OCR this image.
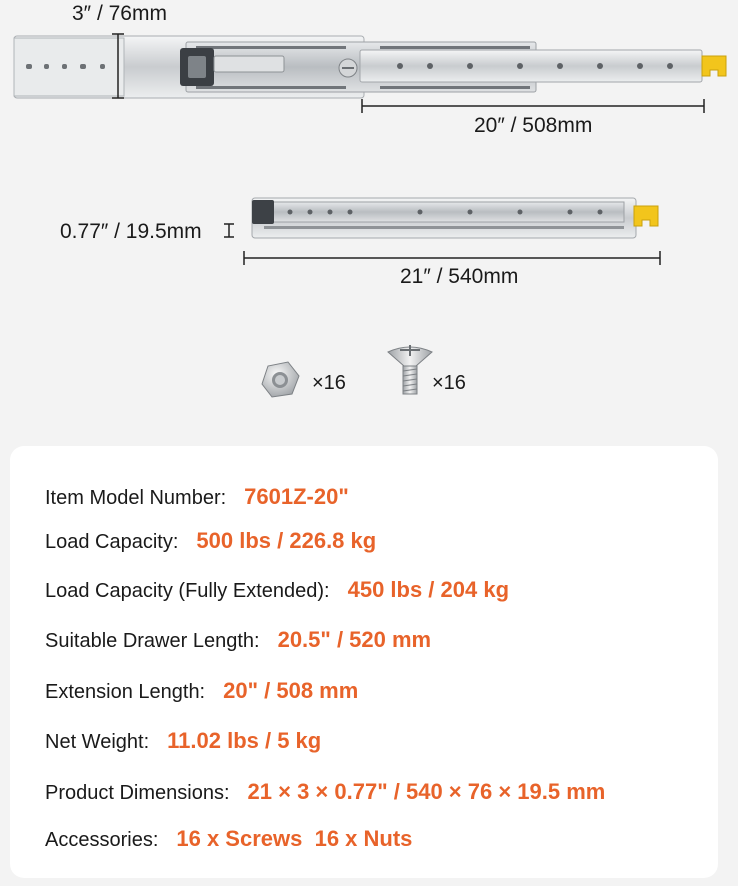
3″ / 76mm
20″ / 508mm
0.77″ / 19.5mm
21″ / 540mm
×16	×16
Item Model Number: 7601Z-20"
Load Capacity: 500 lbs / 226.8 kg
Load Capacity (Fully Extended): 450 lbs / 204 kg
Suitable Drawer Length: 20.5" / 520 mm
Extension Length: 20" / 508 mm
Net Weight: 11.02 lbs / 5 kg
Product Dimensions: 21 × 3 × 0.77" / 540 × 76 × 19.5 mm
Accessories: 16 x Screws  16 x Nuts
